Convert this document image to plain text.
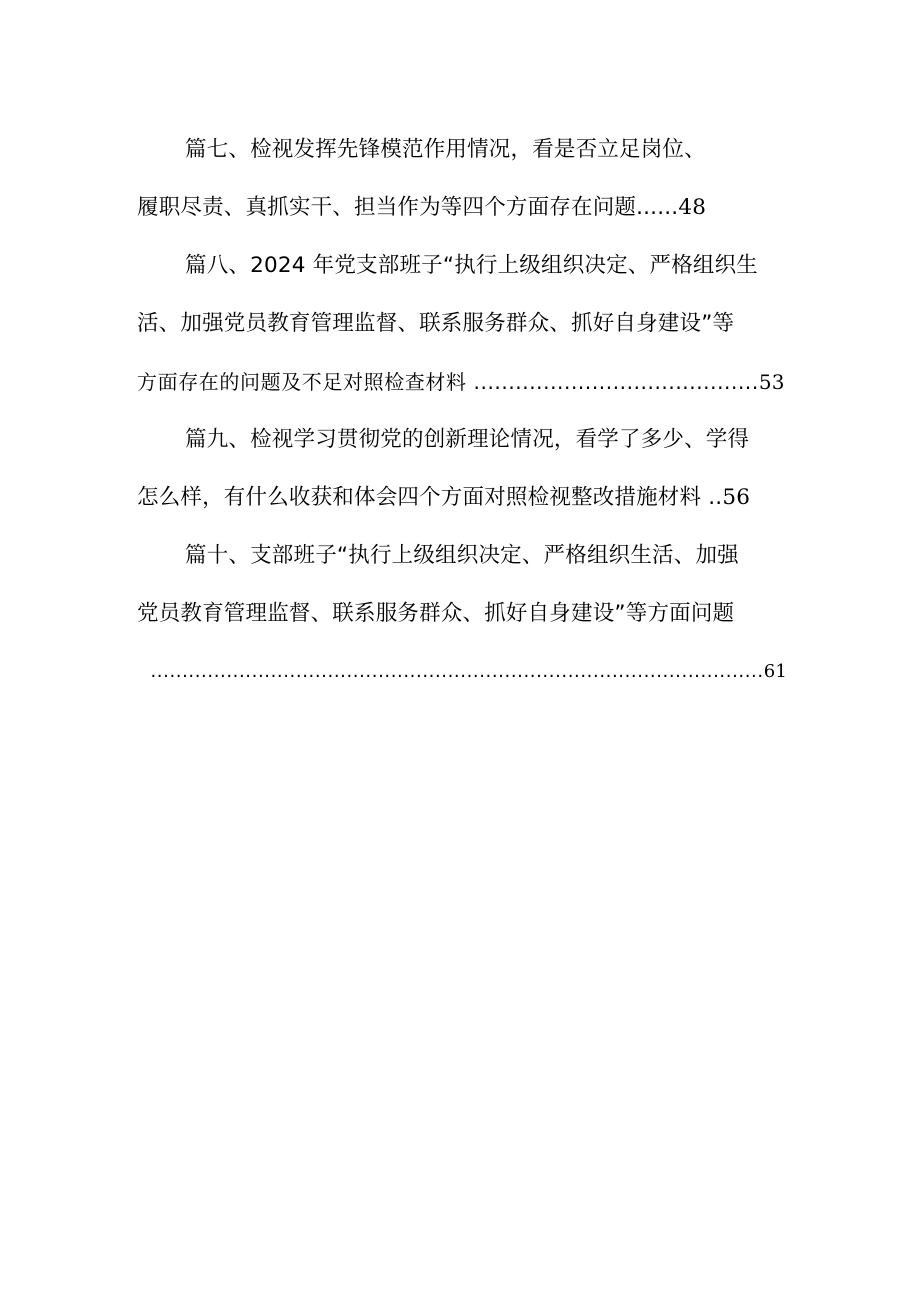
篇七、检视发挥先锋模范作用情况，看是否立足岗位、
履职尽责、真抓实干、担当作为等四个方面存在问题......48
篇八、2024 年党支部班子“执行上级组织决定、严格组织生
活、加强党员教育管理监督、联系服务群众、抓好自身建设”等
方面存在的问题及不足对照检查材料 .........................................53
篇九、检视学习贯彻党的创新理论情况，看学了多少、学得
怎么样，有什么收获和体会四个方面对照检视整改措施材料 ..56
篇十、支部班子“执行上级组织决定、严格组织生活、加强
党员教育管理监督、联系服务群众、抓好自身建设”等方面问题
.................................................................................................61
